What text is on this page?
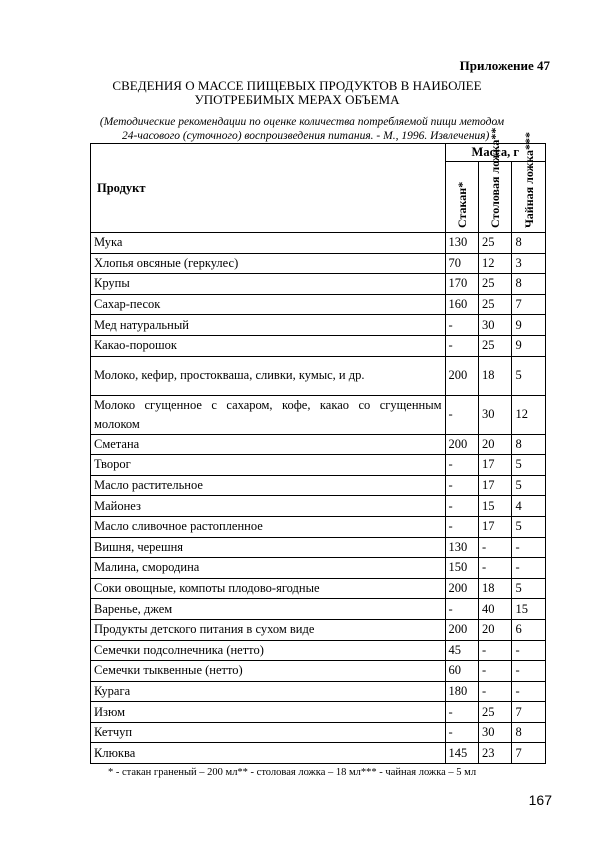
Приложение 47
СВЕДЕНИЯ О МАССЕ ПИЩЕВЫХ ПРОДУКТОВ В НАИБОЛЕЕ УПОТРЕБИМЫХ МЕРАХ ОБЪЕМА
(Методические рекомендации по оценке количества потребляемой пищи методом
24-часового (суточного) воспроизведения питания. - М., 1996. Извлечения)
Продукт	Масса, г		

	Стакан*	Столовая ложка**	Чайная ложка***

Мука	130	25	8
Хлопья овсяные (геркулес)	70	12	3
Крупы	170	25	8
Сахар-песок	160	25	7
Мед натуральный	-	30	9
Какао-порошок	-	25	9
Молоко, кефир, простокваша, сливки, кумыс, и др.	200	18	5
Молоко сгущенное с сахаром, кофе, какао со сгущенным молоком	-	30	12
Сметана	200	20	8
Творог	-	17	5
Масло растительное	-	17	5
Майонез	-	15	4
Масло сливочное растопленное	-	17	5
Вишня, черешня	130	-	-
Малина, смородина	150	-	-
Соки овощные, компоты плодово-ягодные	200	18	5
Варенье, джем	-	40	15
Продукты детского питания в сухом виде	200	20	6
Семечки подсолнечника (нетто)	45	-	-
Семечки тыквенные (нетто)	60	-	-
Курага	180	-	-
Изюм	-	25	7
Кетчуп	-	30	8
Клюква	145	23	7
* - стакан граненый – 200 мл** - столовая ложка – 18 мл*** - чайная ложка – 5 мл
167
